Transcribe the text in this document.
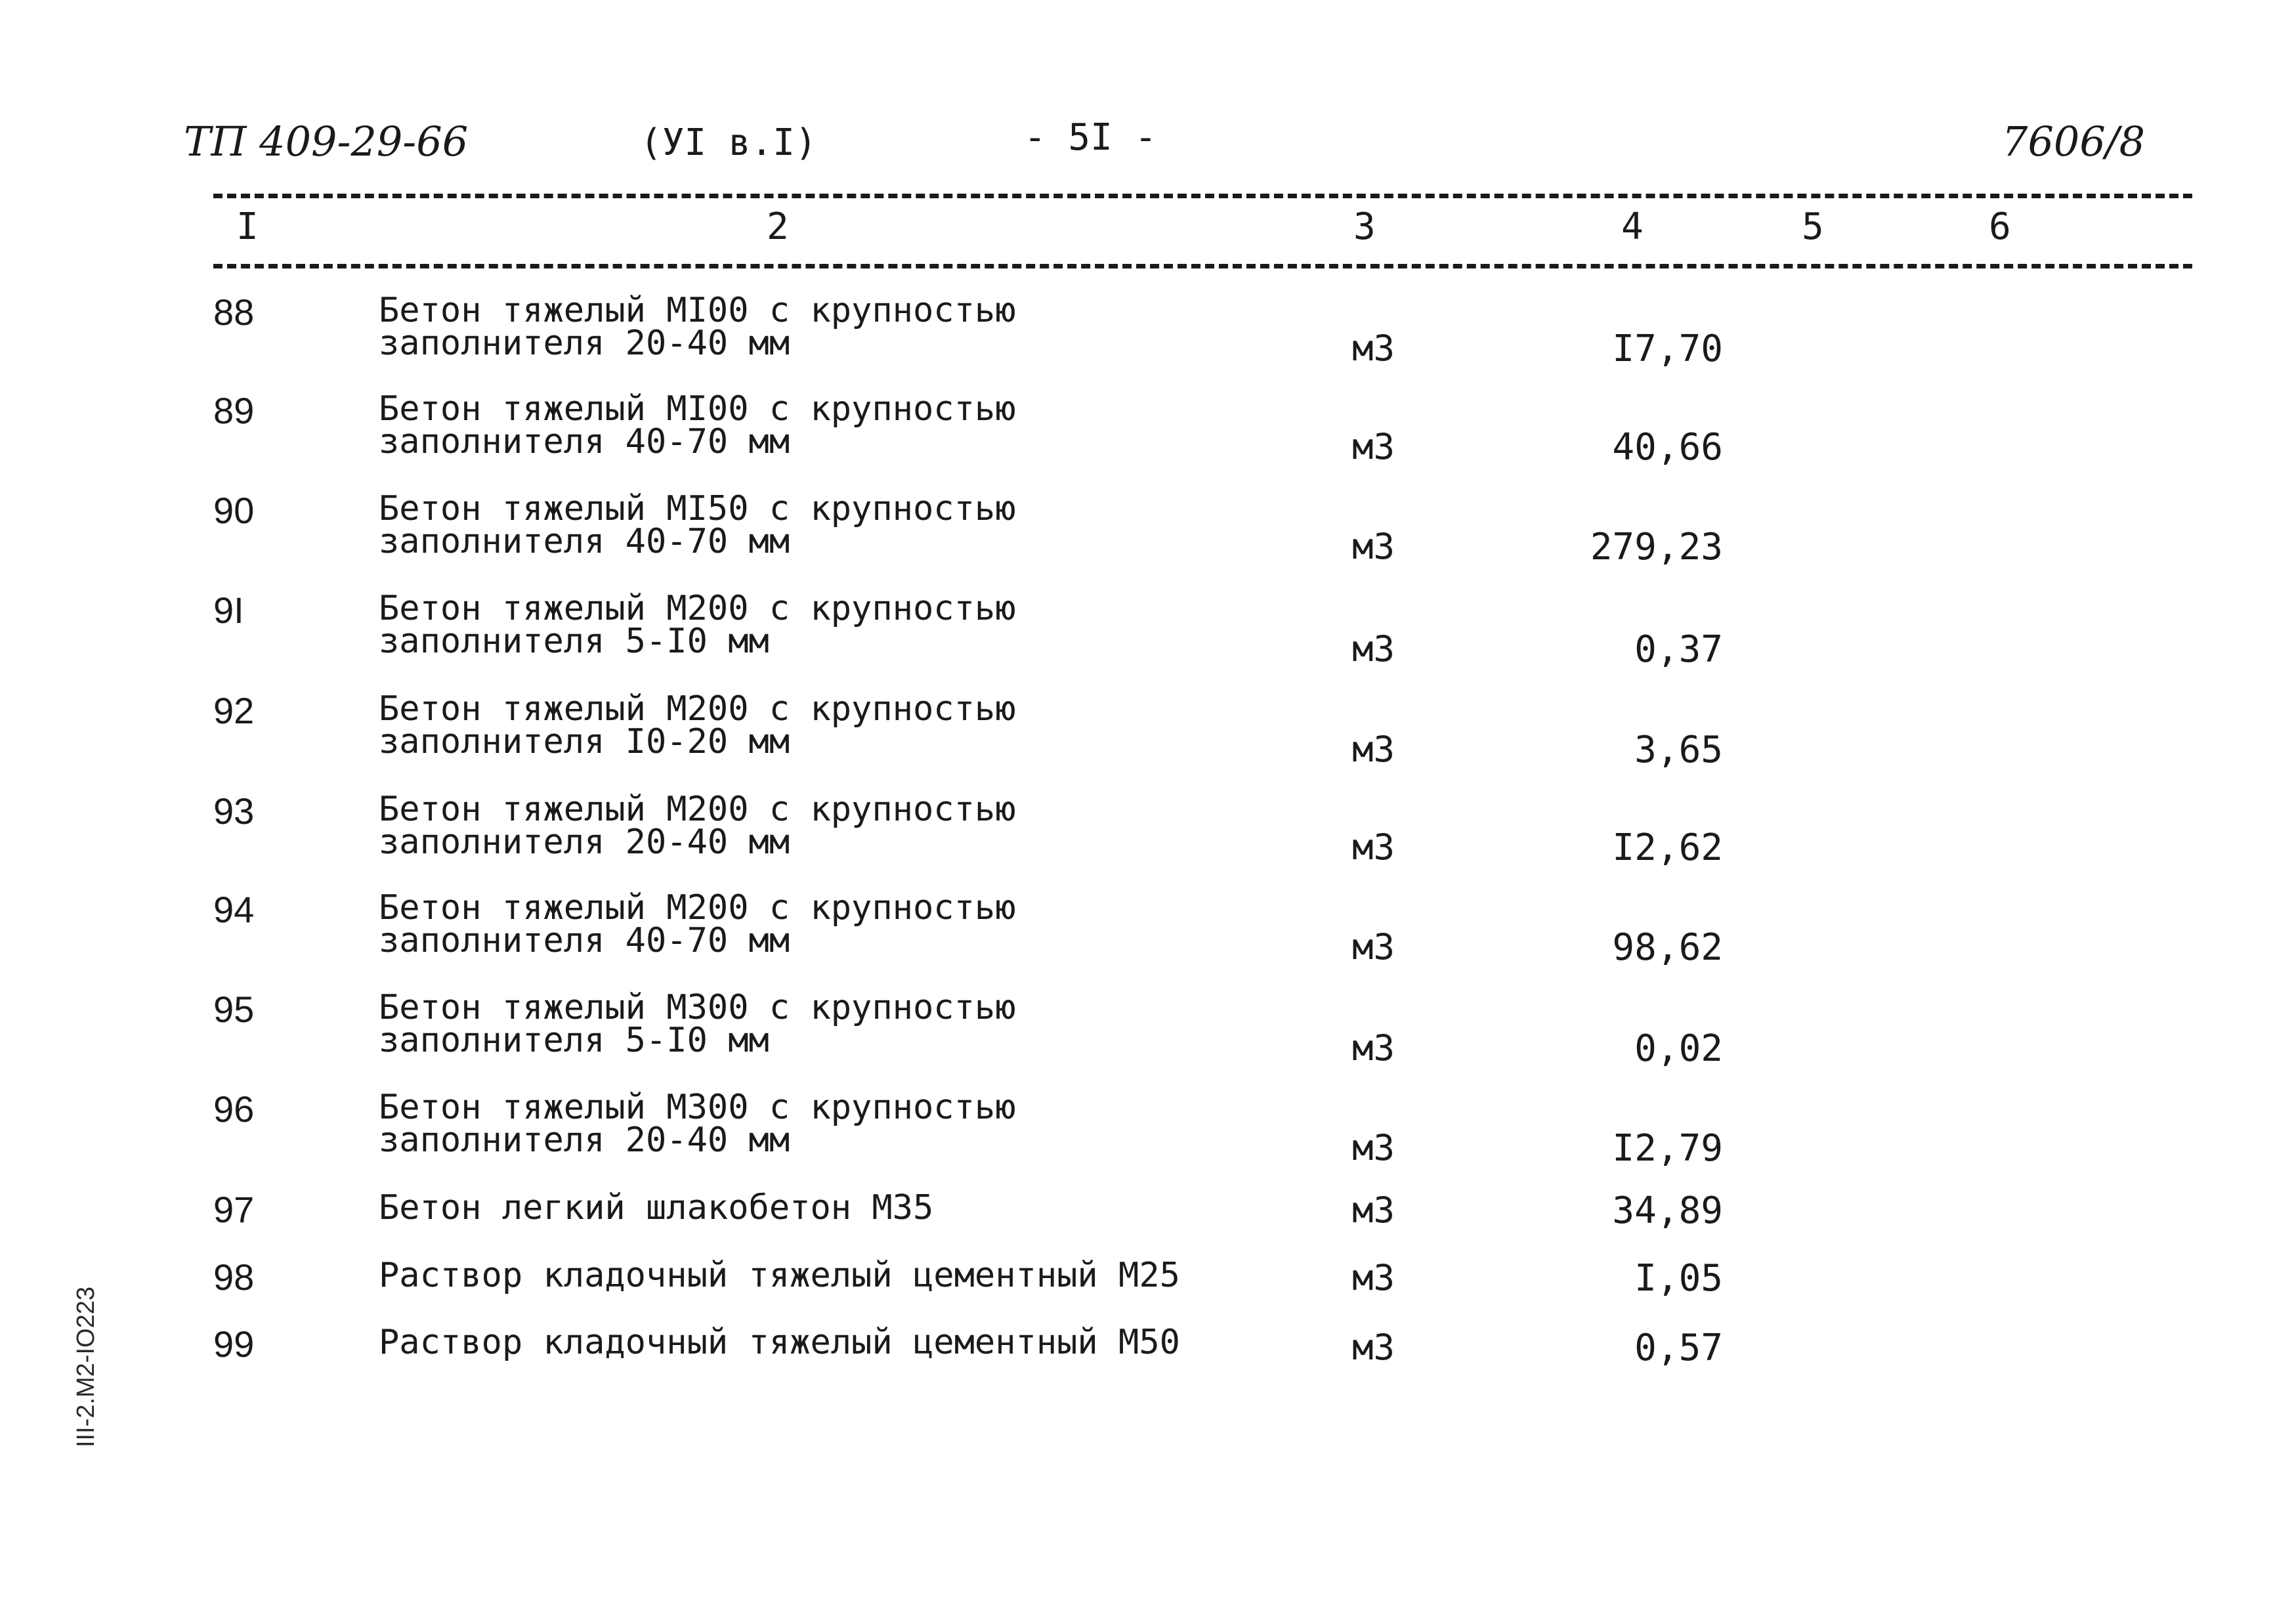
ТП 409-29-66	(УI в.I)	- 5I -	7606/8
I	2	3	4	5	6
88	Бетон тяжелый МI00 с крупностью
заполнителя 20-40 мм	м3	I7,70
89	Бетон тяжелый МI00 с крупностью
заполнителя 40-70 мм	м3	40,66
90	Бетон тяжелый МI50 с крупностью
заполнителя 40-70 мм	м3	279,23
9I	Бетон тяжелый М200 с крупностью
заполнителя 5-I0 мм	м3	0,37
92	Бетон тяжелый М200 с крупностью
заполнителя I0-20 мм	м3	3,65
93	Бетон тяжелый М200 с крупностью
заполнителя 20-40 мм	м3	I2,62
94	Бетон тяжелый М200 с крупностью
заполнителя 40-70 мм	м3	98,62
95	Бетон тяжелый М300 с крупностью
заполнителя 5-I0 мм	м3	0,02
96	Бетон тяжелый М300 с крупностью
заполнителя 20-40 мм	м3	I2,79
97	Бетон легкий шлакобетон М35	м3	34,89
98	Раствор кладочный тяжелый цементный М25	м3	I,05
99	Раствор кладочный тяжелый цементный М50	м3	0,57
III-2.M2-IO223
